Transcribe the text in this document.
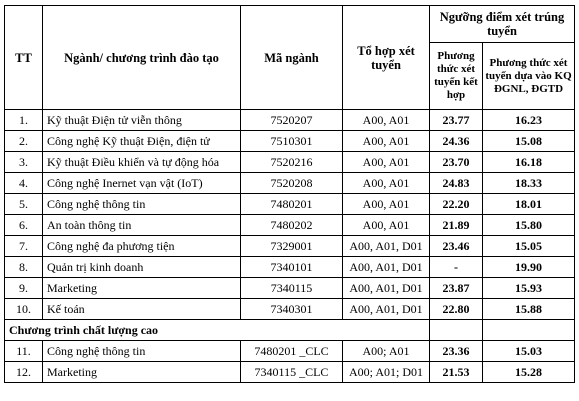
TT	Ngành/ chương trình đào tạo	Mã ngành	Tổ hợp xét tuyển	Ngưỡng điểm xét trúng tuyển	
				Phương thức xét tuyển kết hợp	Phương thức xét tuyển dựa vào KQ ĐGNL, ĐGTD
1.	Kỹ thuật Điện tử viễn thông	7520207	A00, A01	23.77	16.23
2.	Công nghệ Kỹ thuật Điện, điện tử	7510301	A00, A01	24.36	15.08
3.	Kỹ thuật Điều khiển và tự động hóa	7520216	A00, A01	23.70	16.18
4.	Công nghệ Inernet vạn vật (IoT)	7520208	A00, A01	24.83	18.33
5.	Công nghệ thông tin	7480201	A00, A01	22.20	18.01
6.	An toàn thông tin	7480202	A00, A01	21.89	15.80
7.	Công nghệ đa phương tiện	7329001	A00, A01, D01	23.46	15.05
8.	Quản trị kinh doanh	7340101	A00, A01, D01	-	19.90
9.	Marketing	7340115	A00, A01, D01	23.87	15.93
10.	Kế toán	7340301	A00, A01, D01	22.80	15.88
Chương trình chất lượng cao					
11.	Công nghệ thông tin	7480201 _CLC	A00; A01	23.36	15.03
12.	Marketing	7340115 _CLC	A00; A01; D01	21.53	15.28
